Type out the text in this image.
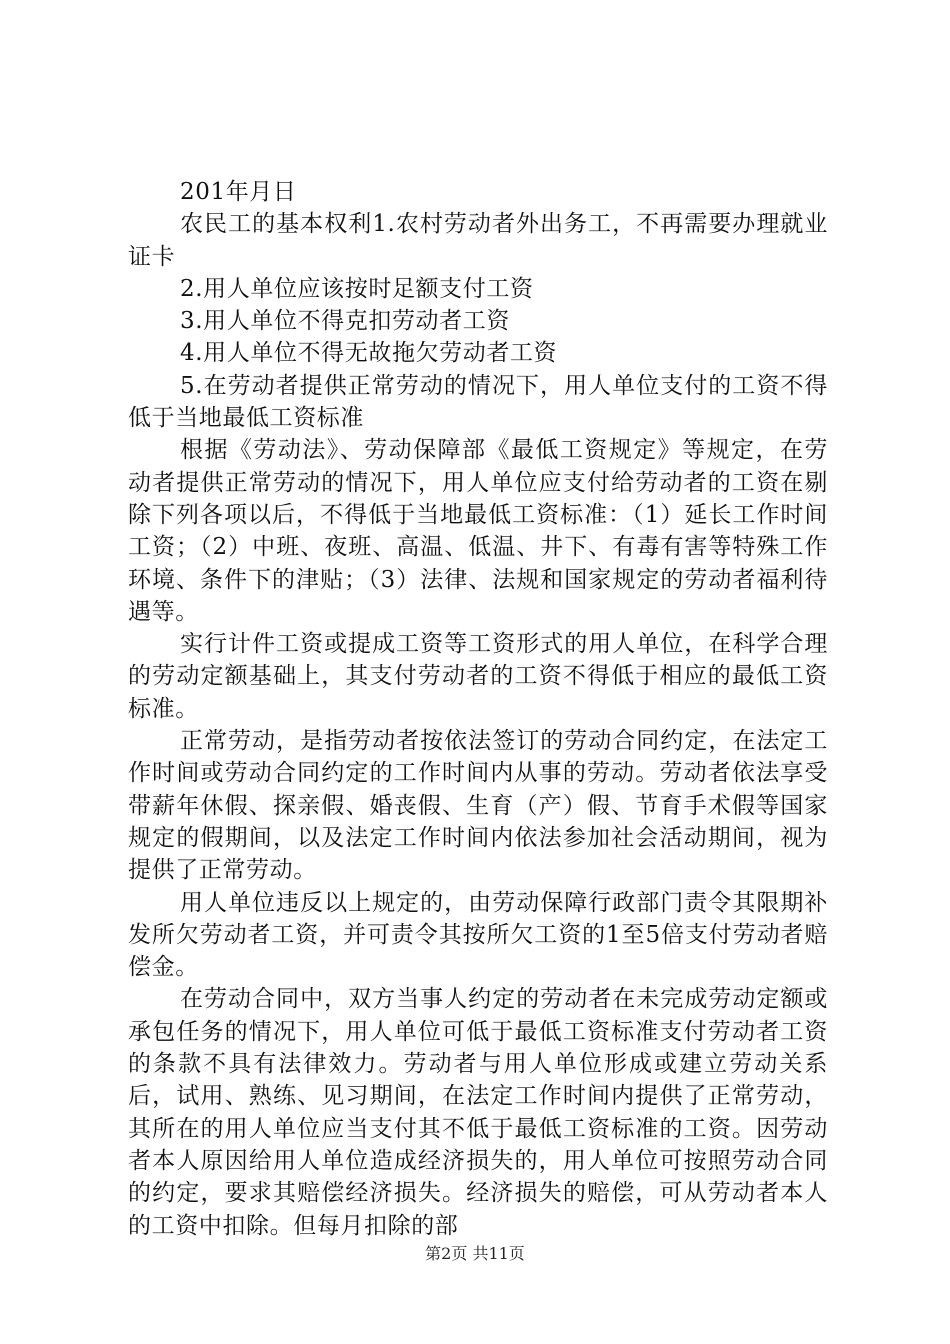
201年月日

农民工的基本权利1.农村劳动者外出务工，不再需要办理就业证卡

2.用人单位应该按时足额支付工资

3.用人单位不得克扣劳动者工资

4.用人单位不得无故拖欠劳动者工资

5.在劳动者提供正常劳动的情况下，用人单位支付的工资不得低于当地最低工资标准

根据《劳动法》、劳动保障部《最低工资规定》等规定，在劳动者提供正常劳动的情况下，用人单位应支付给劳动者的工资在剔除下列各项以后，不得低于当地最低工资标准：（1）延长工作时间工资；（2）中班、夜班、高温、低温、井下、有毒有害等特殊工作环境、条件下的津贴；（3）法律、法规和国家规定的劳动者福利待遇等。

实行计件工资或提成工资等工资形式的用人单位，在科学合理的劳动定额基础上，其支付劳动者的工资不得低于相应的最低工资标准。

正常劳动，是指劳动者按依法签订的劳动合同约定，在法定工作时间或劳动合同约定的工作时间内从事的劳动。劳动者依法享受带薪年休假、探亲假、婚丧假、生育（产）假、节育手术假等国家规定的假期间，以及法定工作时间内依法参加社会活动期间，视为提供了正常劳动。

用人单位违反以上规定的，由劳动保障行政部门责令其限期补发所欠劳动者工资，并可责令其按所欠工资的1至5倍支付劳动者赔偿金。

在劳动合同中，双方当事人约定的劳动者在未完成劳动定额或承包任务的情况下，用人单位可低于最低工资标准支付劳动者工资的条款不具有法律效力。劳动者与用人单位形成或建立劳动关系后，试用、熟练、见习期间，在法定工作时间内提供了正常劳动，其所在的用人单位应当支付其不低于最低工资标准的工资。因劳动者本人原因给用人单位造成经济损失的，用人单位可按照劳动合同的约定，要求其赔偿经济损失。经济损失的赔偿，可从劳动者本人的工资中扣除。但每月扣除的部

第2页 共11页
